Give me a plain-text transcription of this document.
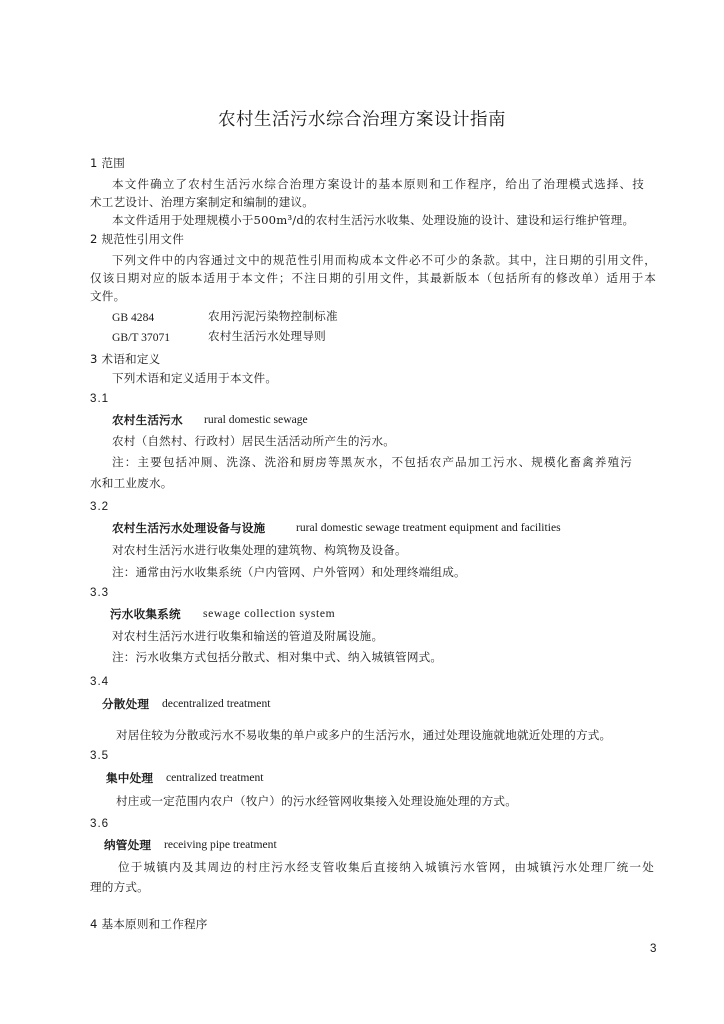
农村生活污水综合治理方案设计指南
1 范围
本文件确立了农村生活污水综合治理方案设计的基本原则和工作程序，给出了治理模式选择、技
术工艺设计、治理方案制定和编制的建议。
本文件适用于处理规模小于500m³/d的农村生活污水收集、处理设施的设计、建设和运行维护管理。
2 规范性引用文件
下列文件中的内容通过文中的规范性引用而构成本文件必不可少的条款。其中，注日期的引用文件，
仅该日期对应的版本适用于本文件；不注日期的引用文件，其最新版本（包括所有的修改单）适用于本
文件。
GB 4284	农用污泥污染物控制标准
GB/T 37071	农村生活污水处理导则
3 术语和定义
下列术语和定义适用于本文件。
3.1
农村生活污水 rural domestic sewage
农村（自然村、行政村）居民生活活动所产生的污水。
注：主要包括冲厕、洗涤、洗浴和厨房等黑灰水，不包括农产品加工污水、规模化畜禽养殖污
水和工业废水。
3.2
农村生活污水处理设备与设施	rural domestic sewage treatment equipment and facilities
对农村生活污水进行收集处理的建筑物、构筑物及设备。
注：通常由污水收集系统（户内管网、户外管网）和处理终端组成。
3.3
污水收集系统 sewage collection system
对农村生活污水进行收集和输送的管道及附属设施。
注：污水收集方式包括分散式、相对集中式、纳入城镇管网式。
3.4
分散处理 decentralized treatment
对居住较为分散或污水不易收集的单户或多户的生活污水，通过处理设施就地就近处理的方式。
3.5
集中处理 centralized treatment
村庄或一定范围内农户（牧户）的污水经管网收集接入处理设施处理的方式。
3.6
纳管处理 receiving pipe treatment
位于城镇内及其周边的村庄污水经支管收集后直接纳入城镇污水管网，由城镇污水处理厂统一处
理的方式。
4 基本原则和工作程序
3
